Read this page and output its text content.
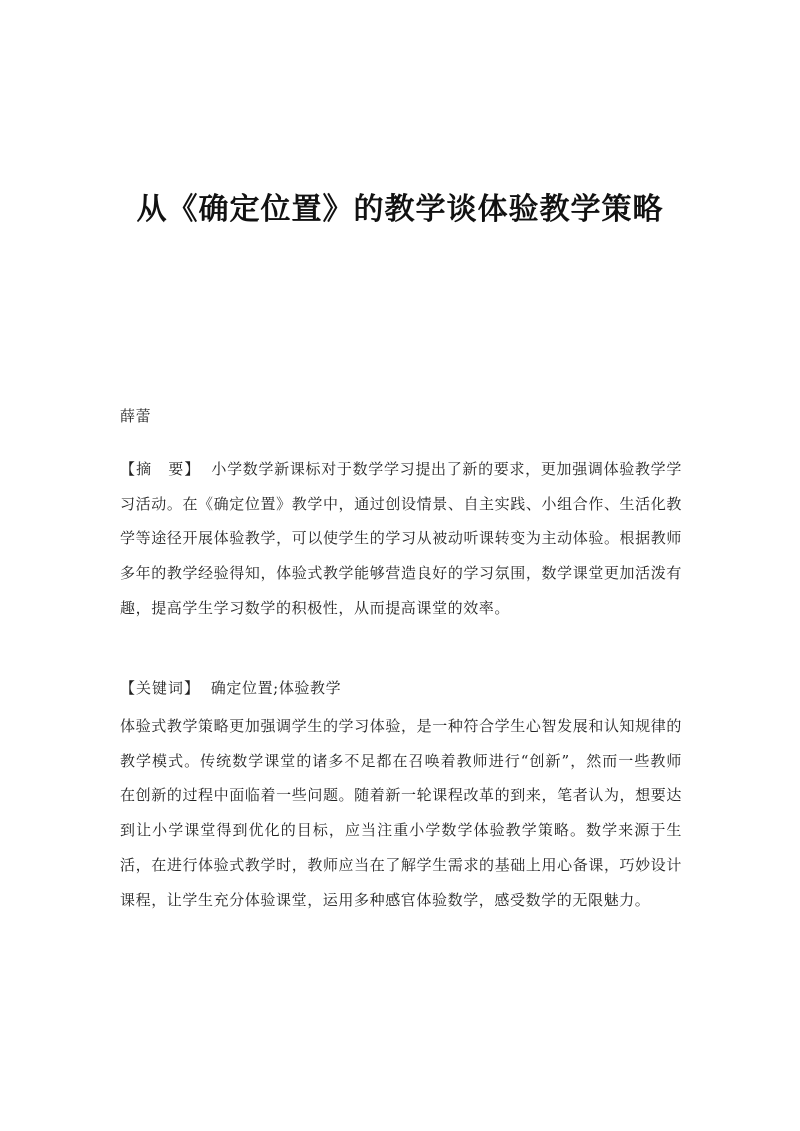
从《确定位置》的教学谈体验教学策略
薛蕾
【摘　要】 小学数学新课标对于数学学习提出了新的要求，更加强调体验教学学习活动。在《确定位置》教学中，通过创设情景、自主实践、小组合作、生活化教学等途径开展体验教学，可以使学生的学习从被动听课转变为主动体验。根据教师多年的教学经验得知，体验式教学能够营造良好的学习氛围，数学课堂更加活泼有趣，提高学生学习数学的积极性，从而提高课堂的效率。
【关键词】 确定位置;体验教学
体验式教学策略更加强调学生的学习体验，是一种符合学生心智发展和认知规律的教学模式。传统数学课堂的诸多不足都在召唤着教师进行“创新”，然而一些教师在创新的过程中面临着一些问题。随着新一轮课程改革的到来，笔者认为，想要达到让小学课堂得到优化的目标，应当注重小学数学体验教学策略。数学来源于生活，在进行体验式教学时，教师应当在了解学生需求的基础上用心备课，巧妙设计课程，让学生充分体验课堂，运用多种感官体验数学，感受数学的无限魅力。
